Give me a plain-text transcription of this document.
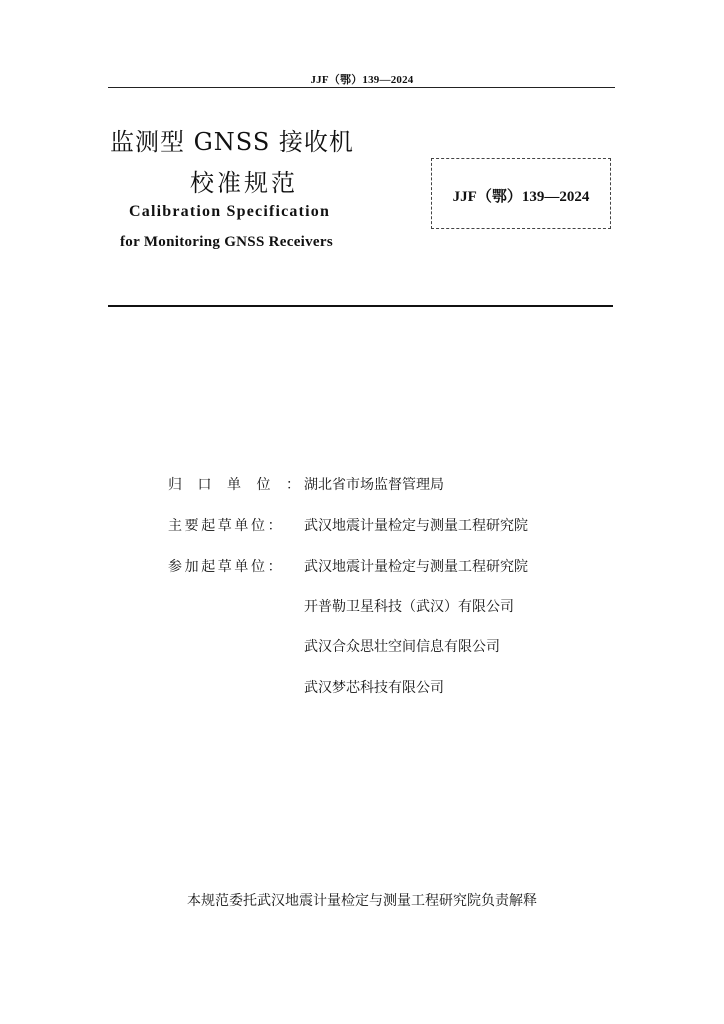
JJF（鄂）139—2024
监测型 GNSS 接收机
校准规范
Calibration Specification
for Monitoring GNSS Receivers
JJF（鄂）139—2024
归 口 单 位 ： 湖北省市场监督管理局
主要起草单位：	武汉地震计量检定与测量工程研究院
参加起草单位：	武汉地震计量检定与测量工程研究院
开普勒卫星科技（武汉）有限公司
武汉合众思壮空间信息有限公司
武汉梦芯科技有限公司
本规范委托武汉地震计量检定与测量工程研究院负责解释
